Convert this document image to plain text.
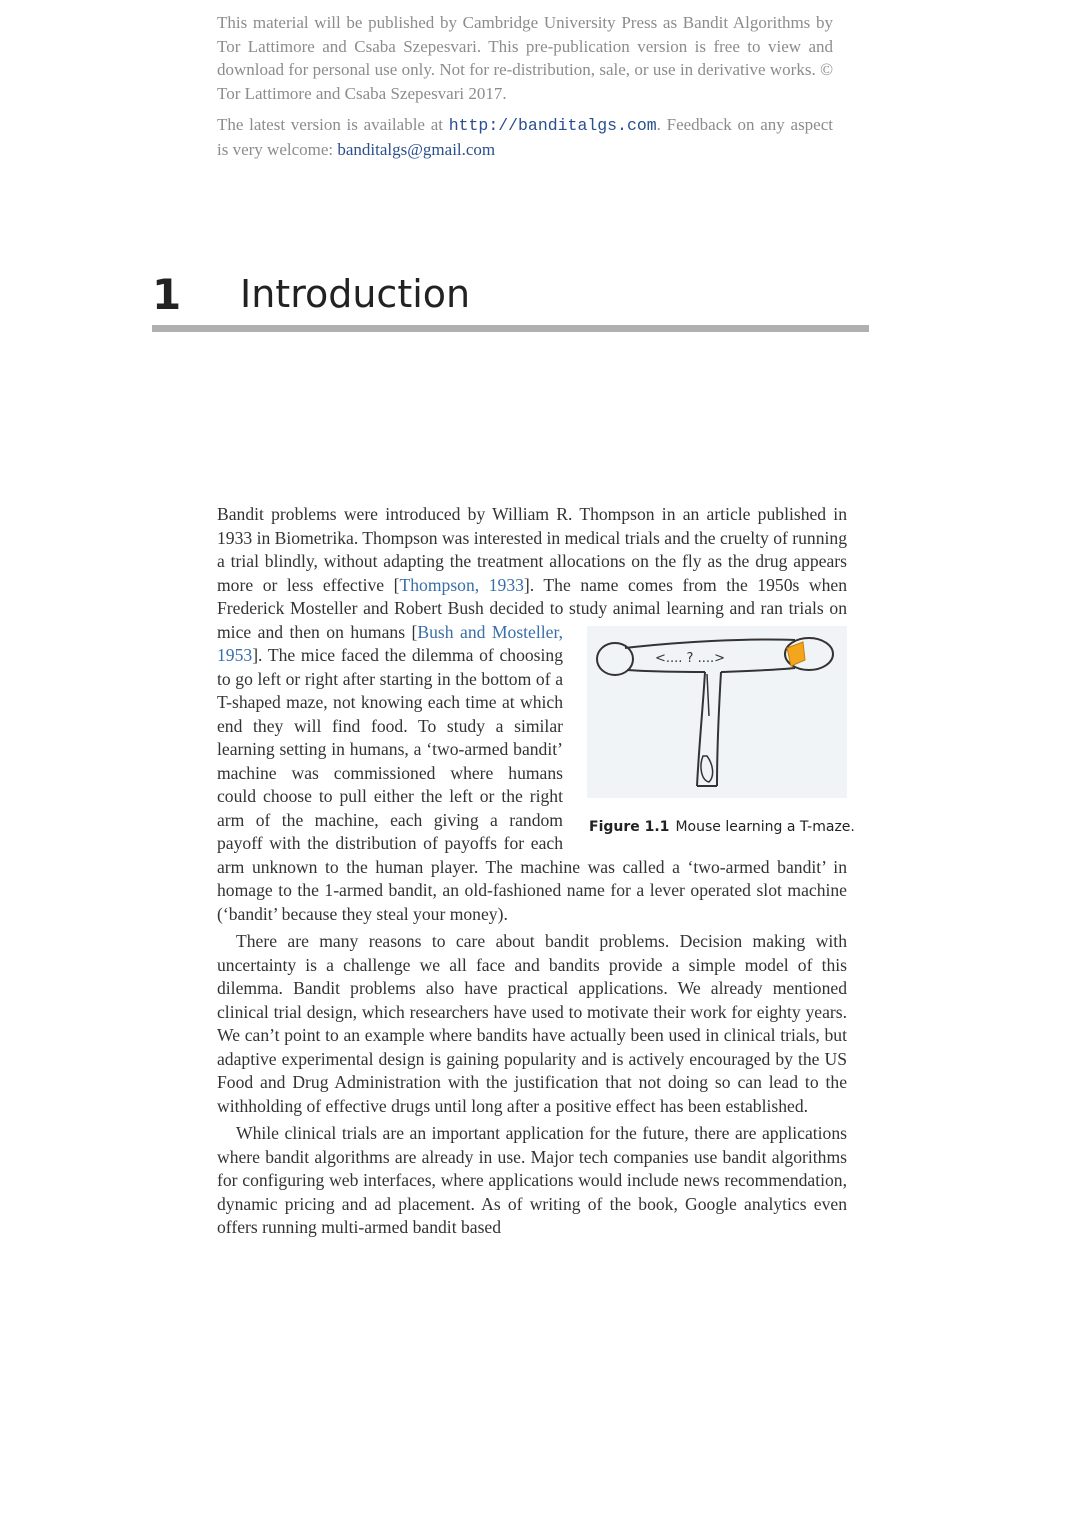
This material will be published by Cambridge University Press as Bandit Algorithms by Tor Lattimore and Csaba Szepesvari. This pre-publication version is free to view and download for personal use only. Not for re-distribution, sale, or use in derivative works. © Tor Lattimore and Csaba Szepesvari 2017.

The latest version is available at http://banditalgs.com. Feedback on any aspect is very welcome: banditalgs@gmail.com

1 Introduction

Bandit problems were introduced by William R. Thompson in an article published in 1933 in Biometrika. Thompson was interested in medical trials and the cruelty of running a trial blindly, without adapting the treatment allocations on the fly as the drug appears more or less effective [Thompson, 1933]. The name comes from the 1950s when Frederick Mosteller and Robert Bush decided to study animal learning and ran trials on mice and then on humans [
<.... ? ....>
Figure 1.1 Mouse learning a T-maze.
Bush and Mosteller, 1953]. The mice faced the dilemma of choosing to go left or right after starting in the bottom of a T-shaped maze, not knowing each time at which end they will find food. To study a similar learning setting in humans, a ‘two-armed bandit’ machine was commissioned where humans could choose to pull either the left or the right arm of the machine, each giving a random payoff with the distribution of payoffs for each arm unknown to the human player. The machine was called a ‘two-armed bandit’ in homage to the 1-armed bandit, an old-fashioned name for a lever operated slot machine (‘bandit’ because they steal your money).

There are many reasons to care about bandit problems. Decision making with uncertainty is a challenge we all face and bandits provide a simple model of this dilemma. Bandit problems also have practical applications. We already mentioned clinical trial design, which researchers have used to motivate their work for eighty years. We can’t point to an example where bandits have actually been used in clinical trials, but adaptive experimental design is gaining popularity and is actively encouraged by the US Food and Drug Administration with the justification that not doing so can lead to the withholding of effective drugs until long after a positive effect has been established.

While clinical trials are an important application for the future, there are applications where bandit algorithms are already in use. Major tech companies use bandit algorithms for configuring web interfaces, where applications would include news recommendation, dynamic pricing and ad placement. As of writing of the book, Google analytics even offers running multi-armed bandit based
